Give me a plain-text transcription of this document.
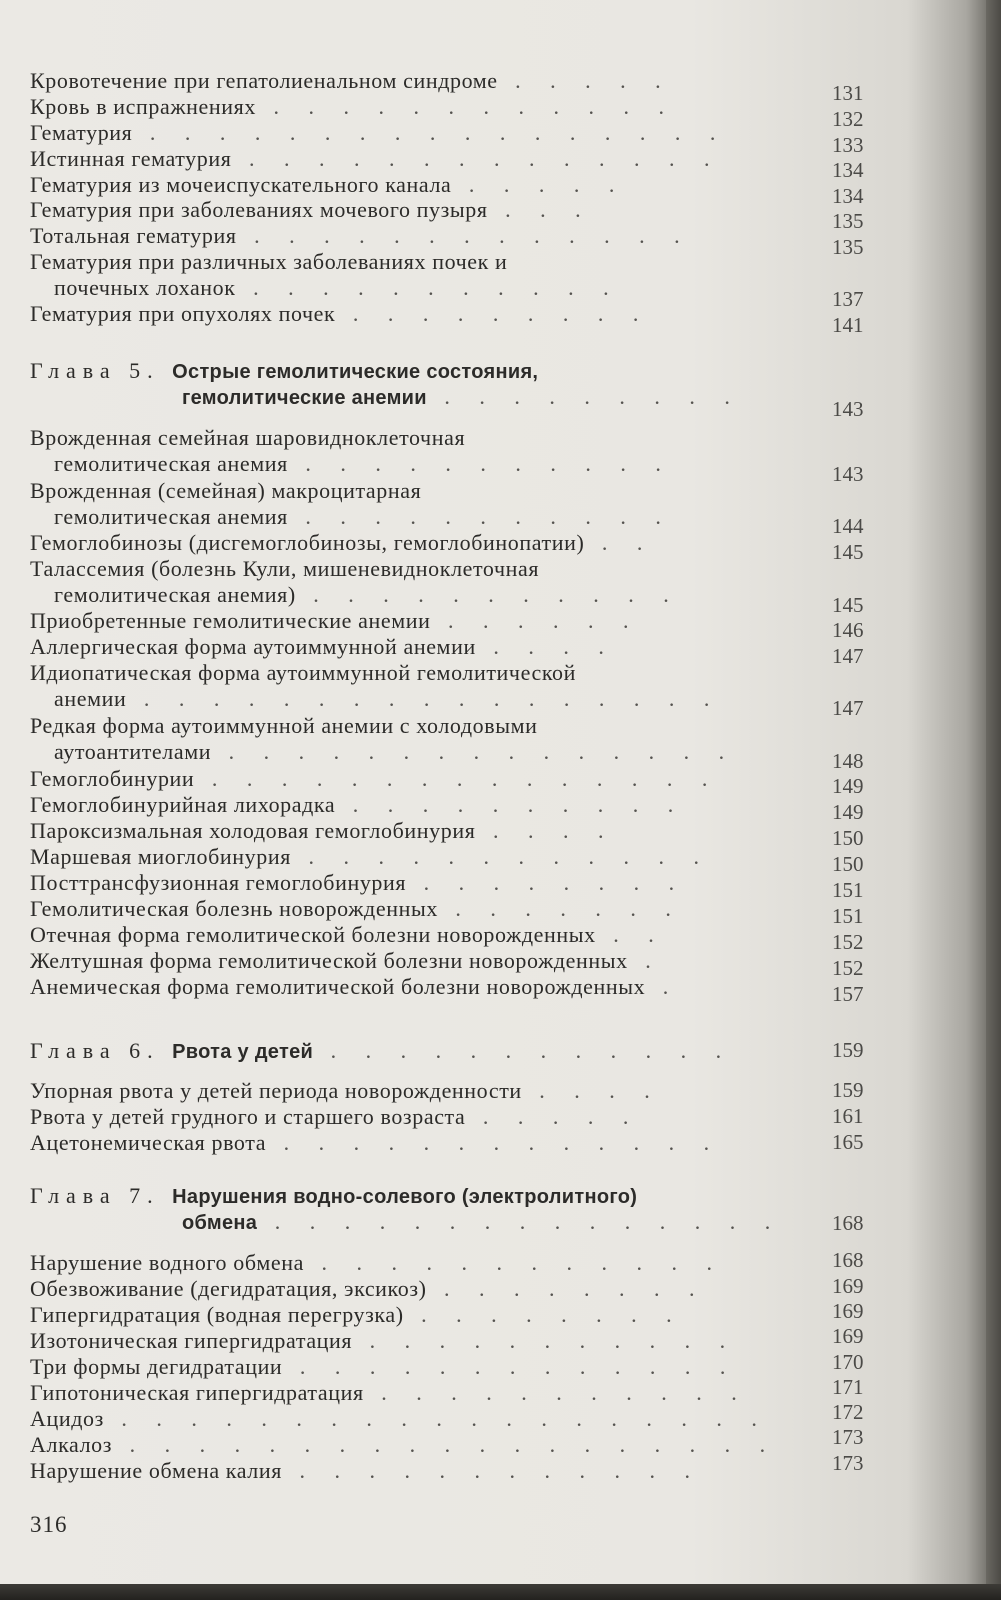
Кровотечение при гепатолиенальном синдроме . . . . .	131
Кровь в испражнениях . . . . . . . . . . . .	132
Гематурия . . . . . . . . . . . . . . . . .	133
Истинная гематурия . . . . . . . . . . . . . .	134
Гематурия из мочеиспускательного канала . . . . .	134
Гематурия при заболеваниях мочевого пузыря . . .	135
Тотальная гематурия . . . . . . . . . . . . .	135
Гематурия при различных заболеваниях почек и
почечных лоханок . . . . . . . . . . .	137
Гематурия при опухолях почек . . . . . . . . .	141
Глава 5. Острые гемолитические состояния,
гемолитические анемии . . . . . . . . .	143
Врожденная семейная шаровидноклеточная
гемолитическая анемия . . . . . . . . . . .	143
Врожденная (семейная) макроцитарная
гемолитическая анемия . . . . . . . . . . .	144
Гемоглобинозы (дисгемоглобинозы, гемоглобинопатии) . .	145
Талассемия (болезнь Кули, мишеневидноклеточная
гемолитическая анемия) . . . . . . . . . . .	145
Приобретенные гемолитические анемии . . . . . .	146
Аллергическая форма аутоиммунной анемии . . . .	147
Идиопатическая форма аутоиммунной гемолитической
анемии . . . . . . . . . . . . . . . . .	147
Редкая форма аутоиммунной анемии с холодовыми
аутоантителами . . . . . . . . . . . . . . .	148
Гемоглобинурии . . . . . . . . . . . . . . .	149
Гемоглобинурийная лихорадка . . . . . . . . . .	149
Пароксизмальная холодовая гемоглобинурия . . . .	150
Маршевая миоглобинурия . . . . . . . . . . . .	150
Посттрансфузионная гемоглобинурия . . . . . . . .	151
Гемолитическая болезнь новорожденных . . . . . . .	151
Отечная форма гемолитической болезни новорожденных . .	152
Желтушная форма гемолитической болезни новорожденных .	152
Анемическая форма гемолитической болезни новорожденных .	157
Глава 6. Рвота у детей . . . . . . . . . . . .	159
Упорная рвота у детей периода новорожденности . . . .	159
Рвота у детей грудного и старшего возраста . . . . .	161
Ацетонемическая рвота . . . . . . . . . . . . .	165
Глава 7. Нарушения водно-солевого (электролитного)
обмена . . . . . . . . . . . . . . .	168
Нарушение водного обмена . . . . . . . . . . . .	168
Обезвоживание (дегидратация, эксикоз) . . . . . . . .	169
Гипергидратация (водная перегрузка) . . . . . . . .	169
Изотоническая гипергидратация . . . . . . . . . . .	169
Три формы дегидратации . . . . . . . . . . . . .	170
Гипотоническая гипергидратация . . . . . . . . . . .	171
Ацидоз . . . . . . . . . . . . . . . . . . .	172
Алкалоз . . . . . . . . . . . . . . . . . . .	173
Нарушение обмена калия . . . . . . . . . . . .	173
316
